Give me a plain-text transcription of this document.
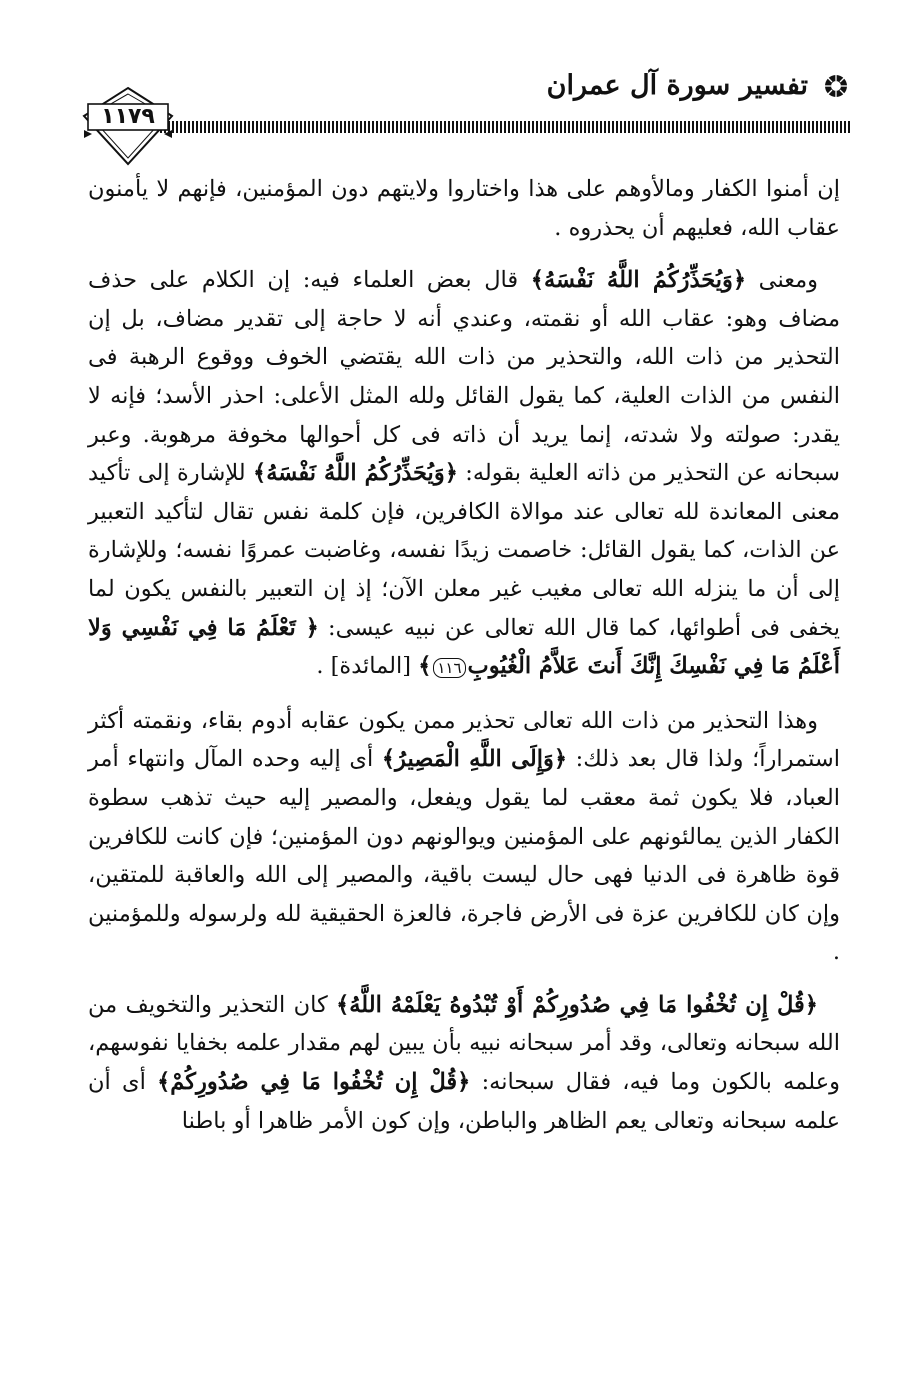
تفسير سورة آل عمران
١١٧٩

إن أمنوا الكفار ومالأوهم على هذا واختاروا ولايتهم دون المؤمنين، فإنهم لا يأمنون عقاب الله، فعليهم أن يحذروه .

ومعنى ﴿وَيُحَذِّرُكُمُ اللَّهُ نَفْسَهُ﴾ قال بعض العلماء فيه: إن الكلام على حذف مضاف وهو: عقاب الله أو نقمته، وعندي أنه لا حاجة إلى تقدير مضاف، بل إن التحذير من ذات الله، والتحذير من ذات الله يقتضي الخوف ووقوع الرهبة فى النفس من الذات العلية، كما يقول القائل ولله المثل الأعلى: احذر الأسد؛ فإنه لا يقدر: صولته ولا شدته، إنما يريد أن ذاته فى كل أحوالها مخوفة مرهوبة. وعبر سبحانه عن التحذير من ذاته العلية بقوله: ﴿وَيُحَذِّرُكُمُ اللَّهُ نَفْسَهُ﴾ للإشارة إلى تأكيد معنى المعاندة لله تعالى عند موالاة الكافرين، فإن كلمة نفس تقال لتأكيد التعبير عن الذات، كما يقول القائل: خاصمت زيدًا نفسه، وغاضبت عمروًا نفسه؛ وللإشارة إلى أن ما ينزله الله تعالى مغيب غير معلن الآن؛ إذ إن التعبير بالنفس يكون لما يخفى فى أطوائها، كما قال الله تعالى عن نبيه عيسى: ﴿ تَعْلَمُ مَا فِي نَفْسِي وَلا أَعْلَمُ مَا فِي نَفْسِكَ إِنَّكَ أَنتَ عَلاَّمُ الْغُيُوبِ١١٦﴾ [المائدة] .

وهذا التحذير من ذات الله تعالى تحذير ممن يكون عقابه أدوم بقاء، ونقمته أكثر استمراراً؛ ولذا قال بعد ذلك: ﴿وَإِلَى اللَّهِ الْمَصِيرُ﴾ أى إليه وحده المآل وانتهاء أمر العباد، فلا يكون ثمة معقب لما يقول ويفعل، والمصير إليه حيث تذهب سطوة الكفار الذين يمالئونهم على المؤمنين ويوالونهم دون المؤمنين؛ فإن كانت للكافرين قوة ظاهرة فى الدنيا فهى حال ليست باقية، والمصير إلى الله والعاقبة للمتقين، وإن كان للكافرين عزة فى الأرض فاجرة، فالعزة الحقيقية لله ولرسوله وللمؤمنين .

﴿قُلْ إِن تُخْفُوا مَا فِي صُدُورِكُمْ أَوْ تُبْدُوهُ يَعْلَمْهُ اللَّهُ﴾ كان التحذير والتخويف من الله سبحانه وتعالى، وقد أمر سبحانه نبيه بأن يبين لهم مقدار علمه بخفايا نفوسهم، وعلمه بالكون وما فيه، فقال سبحانه: ﴿قُلْ إِن تُخْفُوا مَا فِي صُدُورِكُمْ﴾ أى أن علمه سبحانه وتعالى يعم الظاهر والباطن، وإن كون الأمر ظاهرا أو باطنا
